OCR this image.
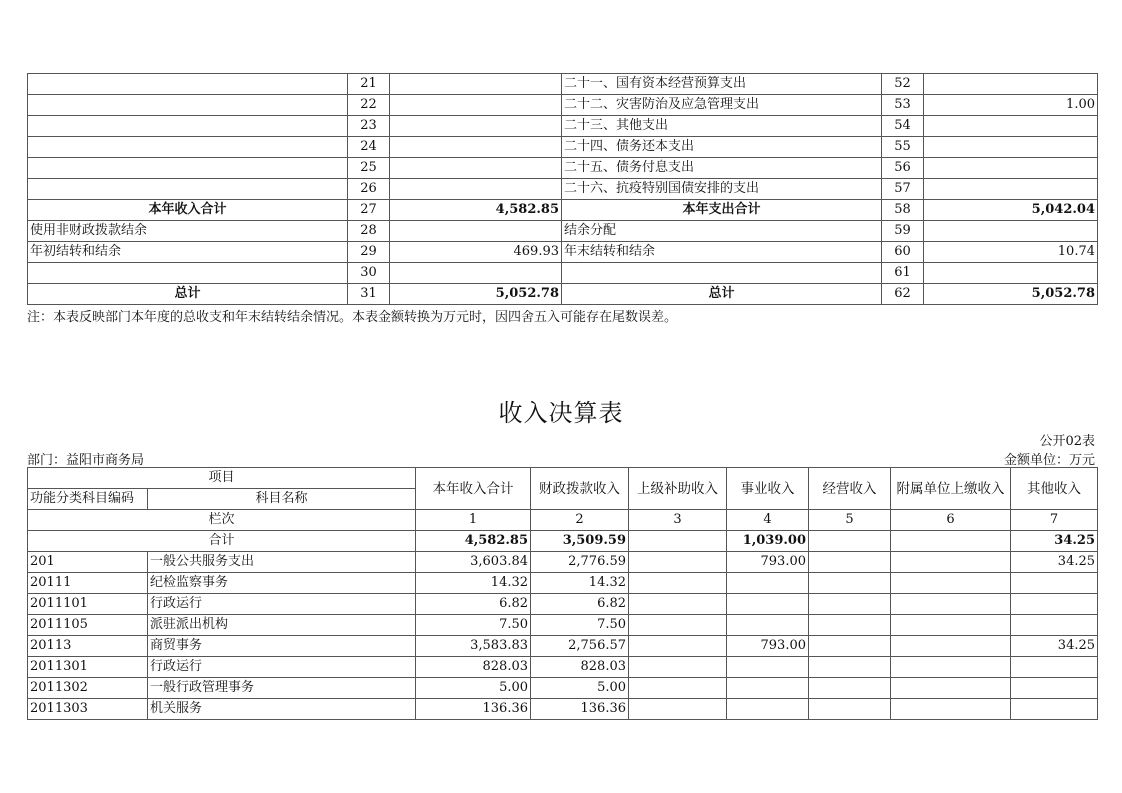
	21		二十一、国有资本经营预算支出	52	
	22		二十二、灾害防治及应急管理支出	53	1.00
	23		二十三、其他支出	54	
	24		二十四、债务还本支出	55	
	25		二十五、债务付息支出	56	
	26		二十六、抗疫特别国债安排的支出	57	
本年收入合计	27	4,582.85	本年支出合计	58	5,042.04
使用非财政拨款结余	28		结余分配	59	
年初结转和结余	29	469.93	年末结转和结余	60	10.74
	30			61	
总计	31	5,052.78	总计	62	5,052.78
注：本表反映部门本年度的总收支和年末结转结余情况。本表金额转换为万元时，因四舍五入可能存在尾数误差。
收入决算表
公开02表
部门：益阳市商务局	金额单位：万元
项目		本年收入合计	财政拨款收入	上级补助收入	事业收入	经营收入	附属单位上缴收入	其他收入
功能分类科目编码	科目名称							
栏次		1	2	3	4	5	6	7
合计		4,582.85	3,509.59		1,039.00			34.25
201	一般公共服务支出	3,603.84	2,776.59		793.00			34.25
20111	纪检监察事务	14.32	14.32					
2011101	行政运行	6.82	6.82					
2011105	派驻派出机构	7.50	7.50					
20113	商贸事务	3,583.83	2,756.57		793.00			34.25
2011301	行政运行	828.03	828.03					
2011302	一般行政管理事务	5.00	5.00					
2011303	机关服务	136.36	136.36					
